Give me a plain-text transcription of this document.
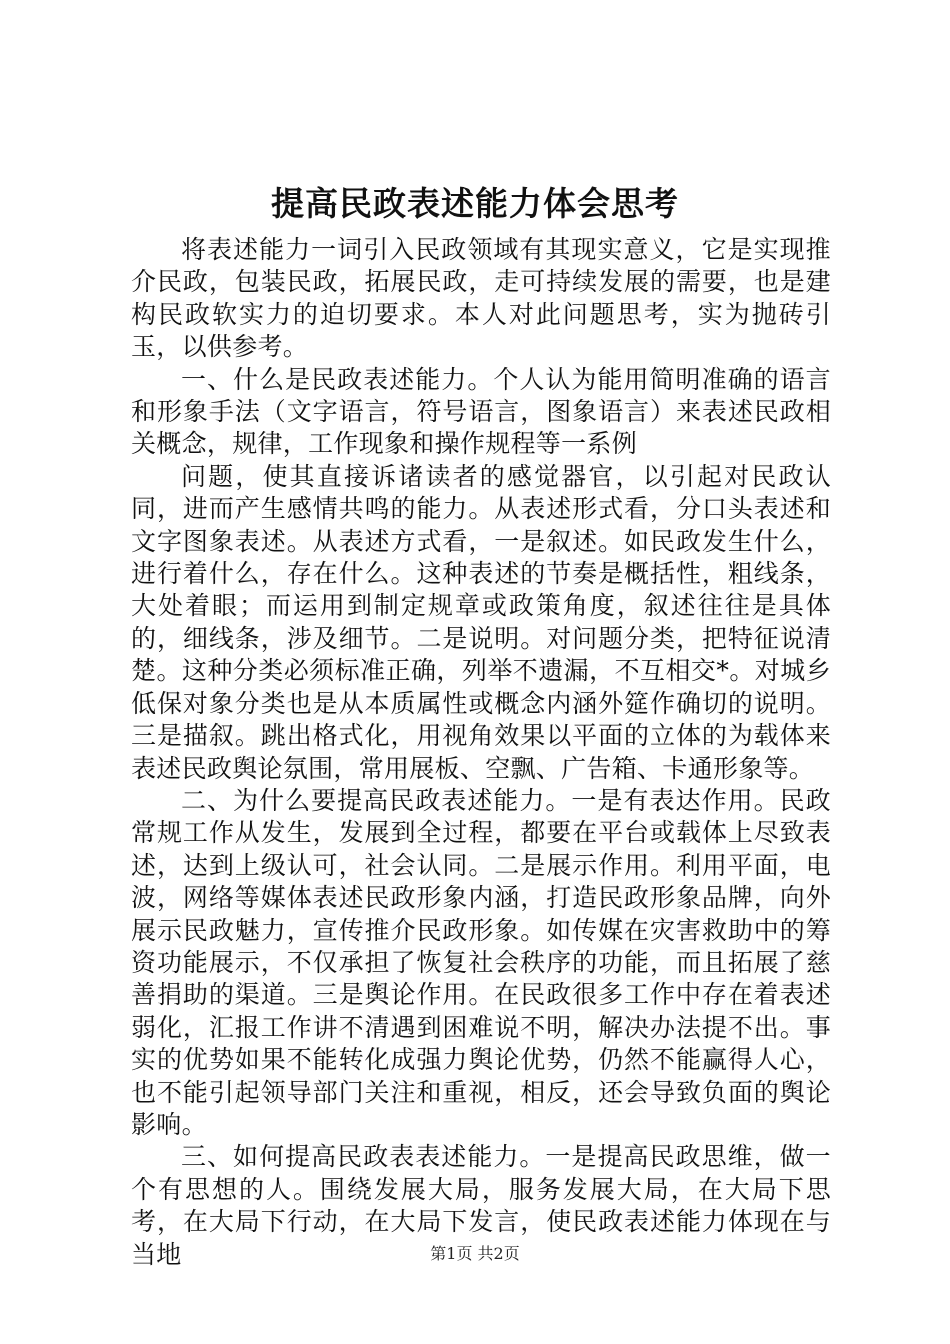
提高民政表述能力体会思考

将表述能力一词引入民政领域有其现实意义，它是实现推介民政，包装民政，拓展民政，走可持续发展的需要，也是建构民政软实力的迫切要求。本人对此问题思考，实为抛砖引玉，以供参考。

一、什么是民政表述能力。个人认为能用简明准确的语言和形象手法（文字语言，符号语言，图象语言）来表述民政相关概念，规律，工作现象和操作规程等一系例

问题，使其直接诉诸读者的感觉器官，以引起对民政认同，进而产生感情共鸣的能力。从表述形式看，分口头表述和文字图象表述。从表述方式看，一是叙述。如民政发生什么，进行着什么，存在什么。这种表述的节奏是概括性，粗线条，大处着眼；而运用到制定规章或政策角度，叙述往往是具体的，细线条，涉及细节。二是说明。对问题分类，把特征说清楚。这种分类必须标准正确，列举不遗漏，不互相交*。对城乡低保对象分类也是从本质属性或概念内涵外筵作确切的说明。三是描叙。跳出格式化，用视角效果以平面的立体的为载体来表述民政舆论氛围，常用展板、空飘、广告箱、卡通形象等。

二、为什么要提高民政表述能力。一是有表达作用。民政常规工作从发生，发展到全过程，都要在平台或载体上尽致表述，达到上级认可，社会认同。二是展示作用。利用平面，电波，网络等媒体表述民政形象内涵，打造民政形象品牌，向外展示民政魅力，宣传推介民政形象。如传媒在灾害救助中的筹资功能展示，不仅承担了恢复社会秩序的功能，而且拓展了慈善捐助的渠道。三是舆论作用。在民政很多工作中存在着表述弱化，汇报工作讲不清遇到困难说不明，解决办法提不出。事实的优势如果不能转化成强力舆论优势，仍然不能赢得人心，也不能引起领导部门关注和重视，相反，还会导致负面的舆论影响。

三、如何提高民政表表述能力。一是提高民政思维，做一个有思想的人。围绕发展大局，服务发展大局，在大局下思考，在大局下行动，在大局下发言，使民政表述能力体现在与当地	第1页 共2页
